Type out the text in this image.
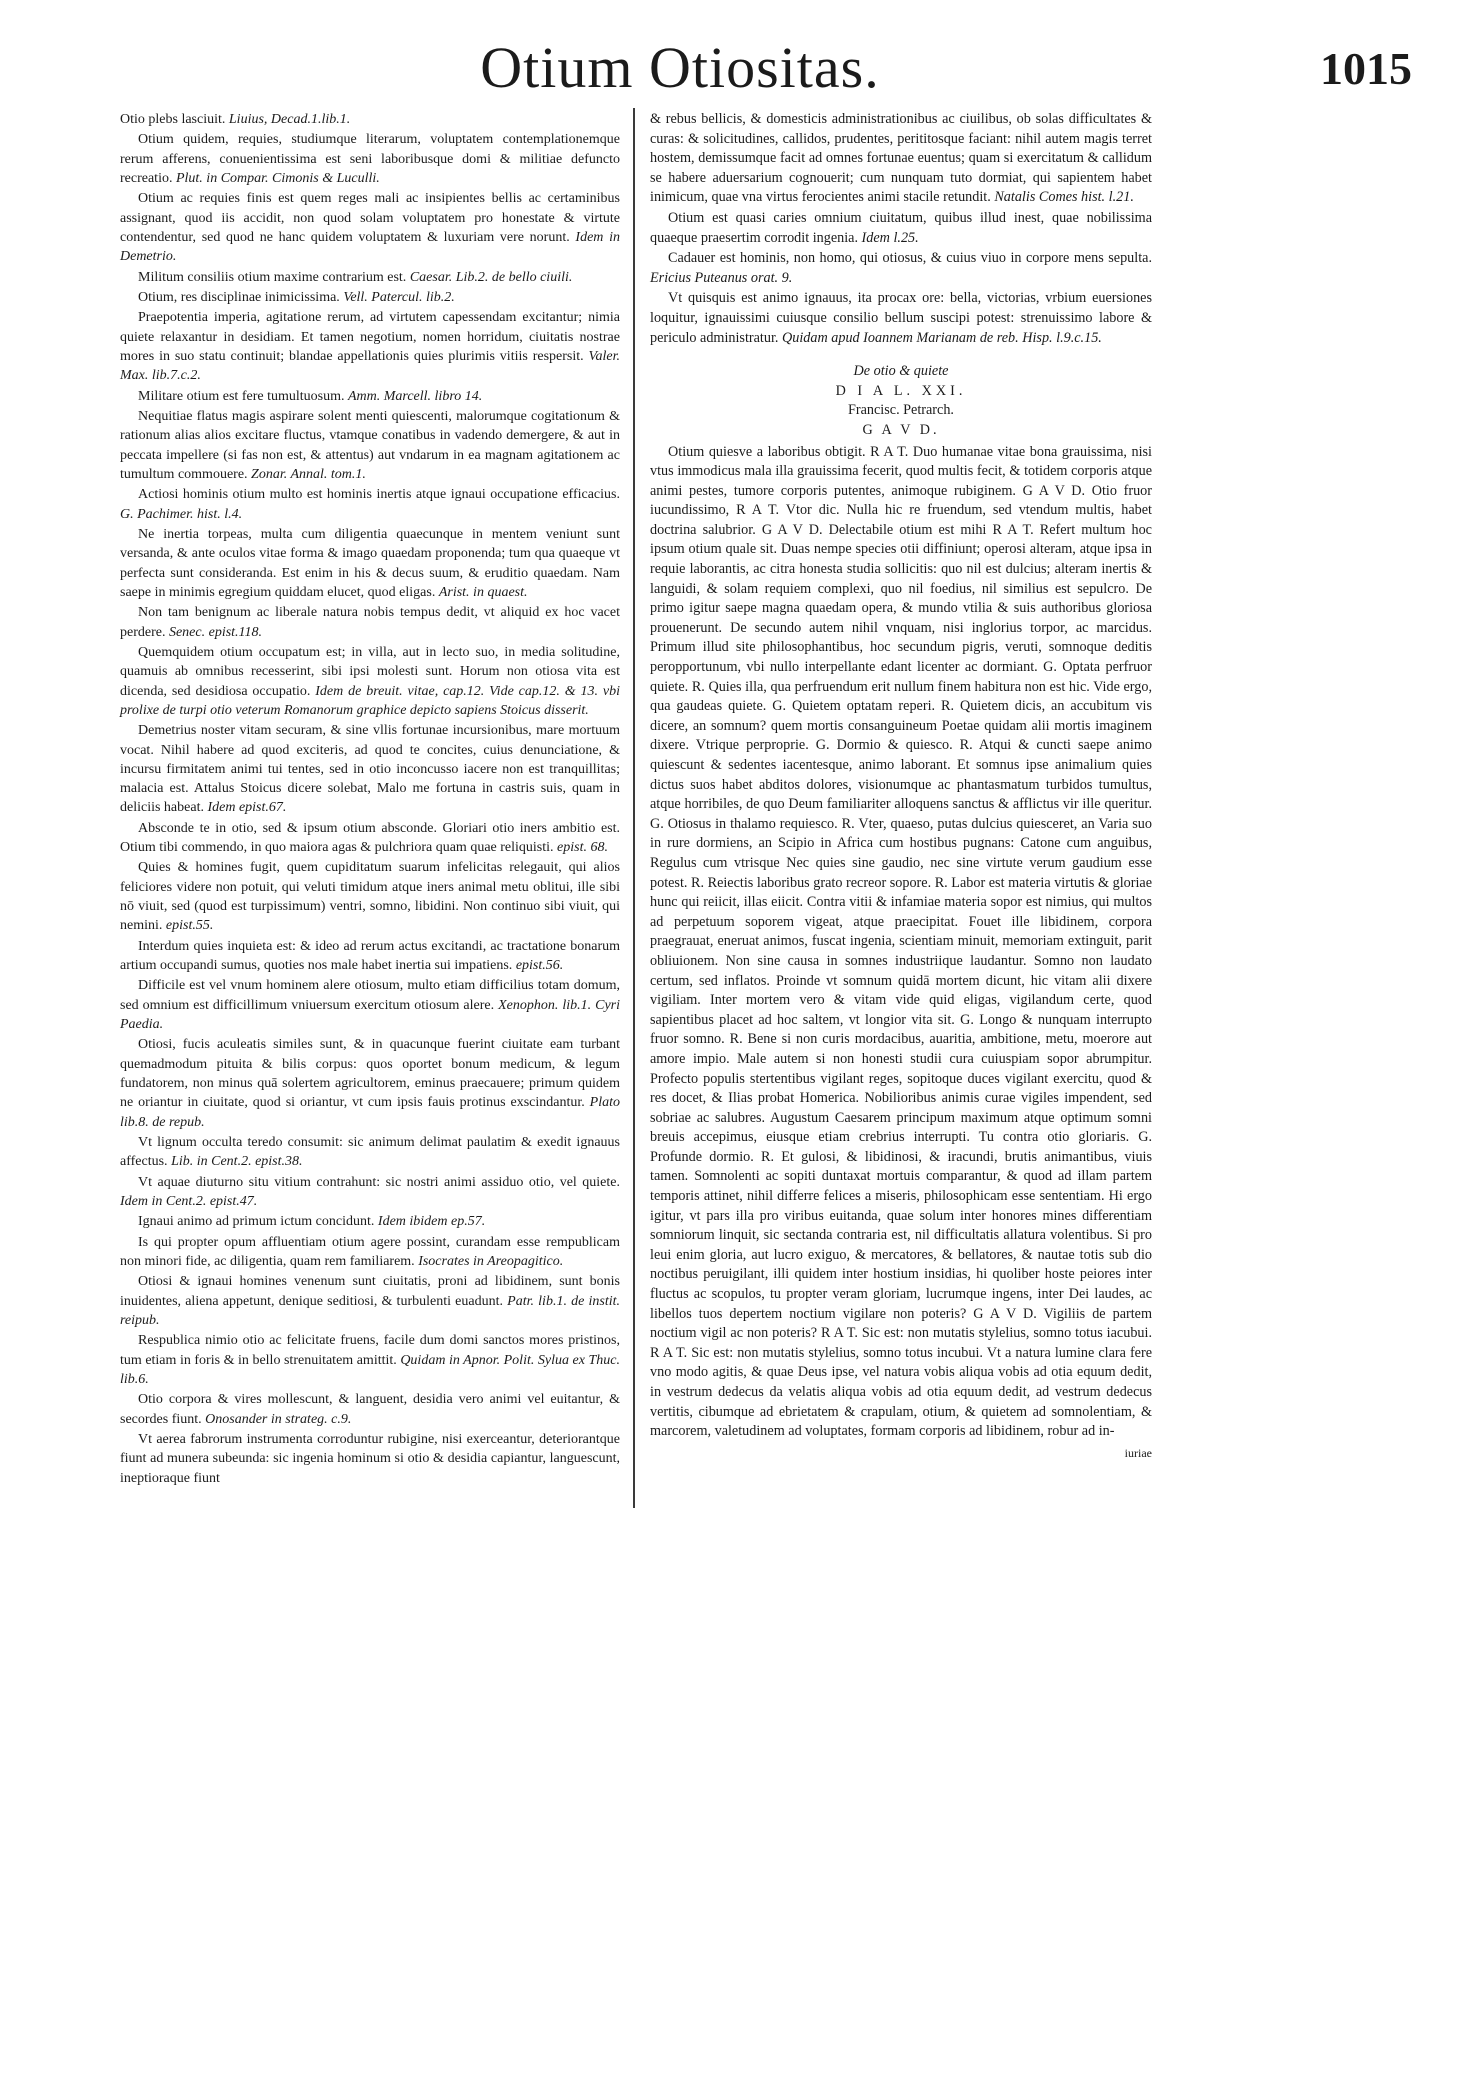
Otium Otiositas.	1015

Otio plebs lasciuit. Liuius, Decad.1.lib.1.

Otium quidem, requies, studiumque literarum, voluptatem contemplationemque rerum afferens, conuenientissima est seni laboribusque domi & militiae defuncto recreatio. Plut. in Compar. Cimonis & Luculli.

Otium ac requies finis est quem reges mali ac insipientes bellis ac certaminibus assignant, quod iis accidit, non quod solam voluptatem pro honestate & virtute contendentur, sed quod ne hanc quidem voluptatem & luxuriam vere norunt. Idem in Demetrio.

Militum consiliis otium maxime contrarium est. Caesar. Lib.2. de bello ciuili.

Otium, res disciplinae inimicissima. Vell. Patercul. lib.2.

Praepotentia imperia, agitatione rerum, ad virtutem capessendam excitantur; nimia quiete relaxantur in desidiam. Et tamen negotium, nomen horridum, ciuitatis nostrae mores in suo statu continuit; blandae appellationis quies plurimis vitiis respersit. Valer. Max. lib.7.c.2.

Militare otium est fere tumultuosum. Amm. Marcell. libro 14.

Nequitiae flatus magis aspirare solent menti quiescenti, malorumque cogitationum & rationum alias alios excitare fluctus, vtamque conatibus in vadendo demergere, & aut in peccata impellere (si fas non est, & attentus) aut vndarum in ea magnam agitationem ac tumultum commouere. Zonar. Annal. tom.1.

Actiosi hominis otium multo est hominis inertis atque ignaui occupatione efficacius. G. Pachimer. hist. l.4.

Ne inertia torpeas, multa cum diligentia quaecunque in mentem veniunt sunt versanda, & ante oculos vitae forma & imago quaedam proponenda; tum qua quaeque vt perfecta sunt consideranda. Est enim in his & decus suum, & eruditio quaedam. Nam saepe in minimis egregium quiddam elucet, quod eligas. Arist. in quaest.

Non tam benignum ac liberale natura nobis tempus dedit, vt aliquid ex hoc vacet perdere. Senec. epist.118.

Quemquidem otium occupatum est; in villa, aut in lecto suo, in media solitudine, quamuis ab omnibus recesserint, sibi ipsi molesti sunt. Horum non otiosa vita est dicenda, sed desidiosa occupatio. Idem de breuit. vitae, cap.12. Vide cap.12. & 13. vbi prolixe de turpi otio veterum Romanorum graphice depicto sapiens Stoicus disserit.

Demetrius noster vitam securam, & sine vllis fortunae incursionibus, mare mortuum vocat. Nihil habere ad quod exciteris, ad quod te concites, cuius denunciatione, & incursu firmitatem animi tui tentes, sed in otio inconcusso iacere non est tranquillitas; malacia est. Attalus Stoicus dicere solebat, Malo me fortuna in castris suis, quam in deliciis habeat. Idem epist.67.

Absconde te in otio, sed & ipsum otium absconde. Gloriari otio iners ambitio est. Otium tibi commendo, in quo maiora agas & pulchriora quam quae reliquisti. epist. 68.

Quies & homines fugit, quem cupiditatum suarum infelicitas relegauit, qui alios feliciores videre non potuit, qui veluti timidum atque iners animal metu oblitui, ille sibi nō viuit, sed (quod est turpissimum) ventri, somno, libidini. Non continuo sibi viuit, qui nemini. epist.55.

Interdum quies inquieta est: & ideo ad rerum actus excitandi, ac tractatione bonarum artium occupandi sumus, quoties nos male habet inertia sui impatiens. epist.56.

Difficile est vel vnum hominem alere otiosum, multo etiam difficilius totam domum, sed omnium est difficillimum vniuersum exercitum otiosum alere. Xenophon. lib.1. Cyri Paedia.

Otiosi, fucis aculeatis similes sunt, & in quacunque fuerint ciuitate eam turbant quemadmodum pituita & bilis corpus: quos oportet bonum medicum, & legum fundatorem, non minus quā solertem agricultorem, eminus praecauere; primum quidem ne oriantur in ciuitate, quod si oriantur, vt cum ipsis fauis protinus exscindantur. Plato lib.8. de repub.

Vt lignum occulta teredo consumit: sic animum delimat paulatim & exedit ignauus affectus. Lib. in Cent.2. epist.38.

Vt aquae diuturno situ vitium contrahunt: sic nostri animi assiduo otio, vel quiete. Idem in Cent.2. epist.47.

Ignaui animo ad primum ictum concidunt. Idem ibidem ep.57.

Is qui propter opum affluentiam otium agere possint, curandam esse rempublicam non minori fide, ac diligentia, quam rem familiarem. Isocrates in Areopagitico.

Otiosi & ignaui homines venenum sunt ciuitatis, proni ad libidinem, sunt bonis inuidentes, aliena appetunt, denique seditiosi, & turbulenti euadunt. Patr. lib.1. de instit. reipub.

Respublica nimio otio ac felicitate fruens, facile dum domi sanctos mores pristinos, tum etiam in foris & in bello strenuitatem amittit. Quidam in Apnor. Polit. Sylua ex Thuc. lib.6.

Otio corpora & vires mollescunt, & languent, desidia vero animi vel euitantur, & secordes fiunt. Onosander in strateg. c.9.

Vt aerea fabrorum instrumenta corroduntur rubigine, nisi exerceantur, deteriorantque fiunt ad munera subeunda: sic ingenia hominum si otio & desidia capiantur, languescunt, ineptioraque fiunt

& rebus bellicis, & domesticis administrationibus ac ciuilibus, ob solas difficultates & curas: & solicitudines, callidos, prudentes, perititosque faciant: nihil autem magis terret hostem, demissumque facit ad omnes fortunae euentus; quam si exercitatum & callidum se habere aduersarium cognouerit; cum nunquam tuto dormiat, qui sapientem habet inimicum, quae vna virtus ferocientes animi stacile retundit. Natalis Comes hist. l.21.

Otium est quasi caries omnium ciuitatum, quibus illud inest, quae nobilissima quaeque praesertim corrodit ingenia. Idem l.25.

Cadauer est hominis, non homo, qui otiosus, & cuius viuo in corpore mens sepulta. Ericius Puteanus orat. 9.

Vt quisquis est animo ignauus, ita procax ore: bella, victorias, vrbium euersiones loquitur, ignauissimi cuiusque consilio bellum suscipi potest: strenuissimo labore & periculo administratur. Quidam apud Ioannem Marianam de reb. Hisp. l.9.c.15.

De otio & quiete
D I A L. XXI.
Francisc. Petrarch.
G A V D.

Otium quiesve a laboribus obtigit. R A T. Duo humanae vitae bona grauissima, nisi vtus immodicus mala illa grauissima fecerit, quod multis fecit, & totidem corporis atque animi pestes, tumore corporis putentes, animoque rubiginem. G A V D. Otio fruor iucundissimo, R A T. Vtor dic. Nulla hic re fruendum, sed vtendum multis, habet doctrina salubrior. G A V D. Delectabile otium est mihi R A T. Refert multum hoc ipsum otium quale sit. Duas nempe species otii diffiniunt; operosi alteram, atque ipsa in requie laborantis, ac citra honesta studia sollicitis: quo nil est dulcius; alteram inertis & languidi, & solam requiem complexi, quo nil foedius, nil similius est sepulcro. De primo igitur saepe magna quaedam opera, & mundo vtilia & suis authoribus gloriosa prouenerunt. De secundo autem nihil vnquam, nisi inglorius torpor, ac marcidus. Primum illud site philosophantibus, hoc secundum pigris, veruti, somnoque deditis peropportunum, vbi nullo interpellante edant licenter ac dormiant. G. Optata perfruor quiete. R. Quies illa, qua perfruendum erit nullum finem habitura non est hic. Vide ergo, qua gaudeas quiete. G. Quietem optatam reperi. R. Quietem dicis, an accubitum vis dicere, an somnum? quem mortis consanguineum Poetae quidam alii mortis imaginem dixere. Vtrique perproprie. G. Dormio & quiesco. R. Atqui & cuncti saepe animo quiescunt & sedentes iacentesque, animo laborant. Et somnus ipse animalium quies dictus suos habet abditos dolores, visionumque ac phantasmatum turbidos tumultus, atque horribiles, de quo Deum familiariter alloquens sanctus & afflictus vir ille queritur. G. Otiosus in thalamo requiesco. R. Vter, quaeso, putas dulcius quiesceret, an Varia suo in rure dormiens, an Scipio in Africa cum hostibus pugnans: Catone cum anguibus, Regulus cum vtrisque Nec quies sine gaudio, nec sine virtute verum gaudium esse potest. R. Reiectis laboribus grato recreor sopore. R. Labor est materia virtutis & gloriae hunc qui reiicit, illas eiicit. Contra vitii & infamiae materia sopor est nimius, qui multos ad perpetuum soporem vigeat, atque praecipitat. Fouet ille libidinem, corpora praegrauat, eneruat animos, fuscat ingenia, scientiam minuit, memoriam extinguit, parit obliuionem. Non sine causa in somnes industriique laudantur. Somno non laudato certum, sed inflatos. Proinde vt somnum quidā mortem dicunt, hic vitam alii dixere vigiliam. Inter mortem vero & vitam vide quid eligas, vigilandum certe, quod sapientibus placet ad hoc saltem, vt longior vita sit. G. Longo & nunquam interrupto fruor somno. R. Bene si non curis mordacibus, auaritia, ambitione, metu, moerore aut amore impio. Male autem si non honesti studii cura cuiuspiam sopor abrumpitur. Profecto populis stertentibus vigilant reges, sopitoque duces vigilant exercitu, quod & res docet, & Ilias probat Homerica. Nobilioribus animis curae vigiles impendent, sed sobriae ac salubres. Augustum Caesarem principum maximum atque optimum somni breuis accepimus, eiusque etiam crebrius interrupti. Tu contra otio gloriaris. G. Profunde dormio. R. Et gulosi, & libidinosi, & iracundi, brutis animantibus, viuis tamen. Somnolenti ac sopiti duntaxat mortuis comparantur, & quod ad illam partem temporis attinet, nihil differre felices a miseris, philosophicam esse sententiam. Hi ergo igitur, vt pars illa pro viribus euitanda, quae solum inter honores mines differentiam somniorum linquit, sic sectanda contraria est, nil difficultatis allatura volentibus. Si pro leui enim gloria, aut lucro exiguo, & mercatores, & bellatores, & nautae totis sub dio noctibus peruigilant, illi quidem inter hostium insidias, hi quoliber hoste peiores inter fluctus ac scopulos, tu propter veram gloriam, lucrumque ingens, inter Dei laudes, ac libellos tuos depertem noctium vigilare non poteris? G A V D. Vigiliis de partem noctium vigil ac non poteris? R A T. Sic est: non mutatis stylelius, somno totus iacubui. R A T. Sic est: non mutatis stylelius, somno totus incubui. Vt a natura lumine clara fere vno modo agitis, & quae Deus ipse, vel natura vobis aliqua vobis ad otia equum dedit, in vestrum dedecus da velatis aliqua vobis ad otia equum dedit, ad vestrum dedecus vertitis, cibumque ad ebrietatem & crapulam, otium, & quietem ad somnolentiam, & marcorem, valetudinem ad voluptates, formam corporis ad libidinem, robur ad in-

iuriae
